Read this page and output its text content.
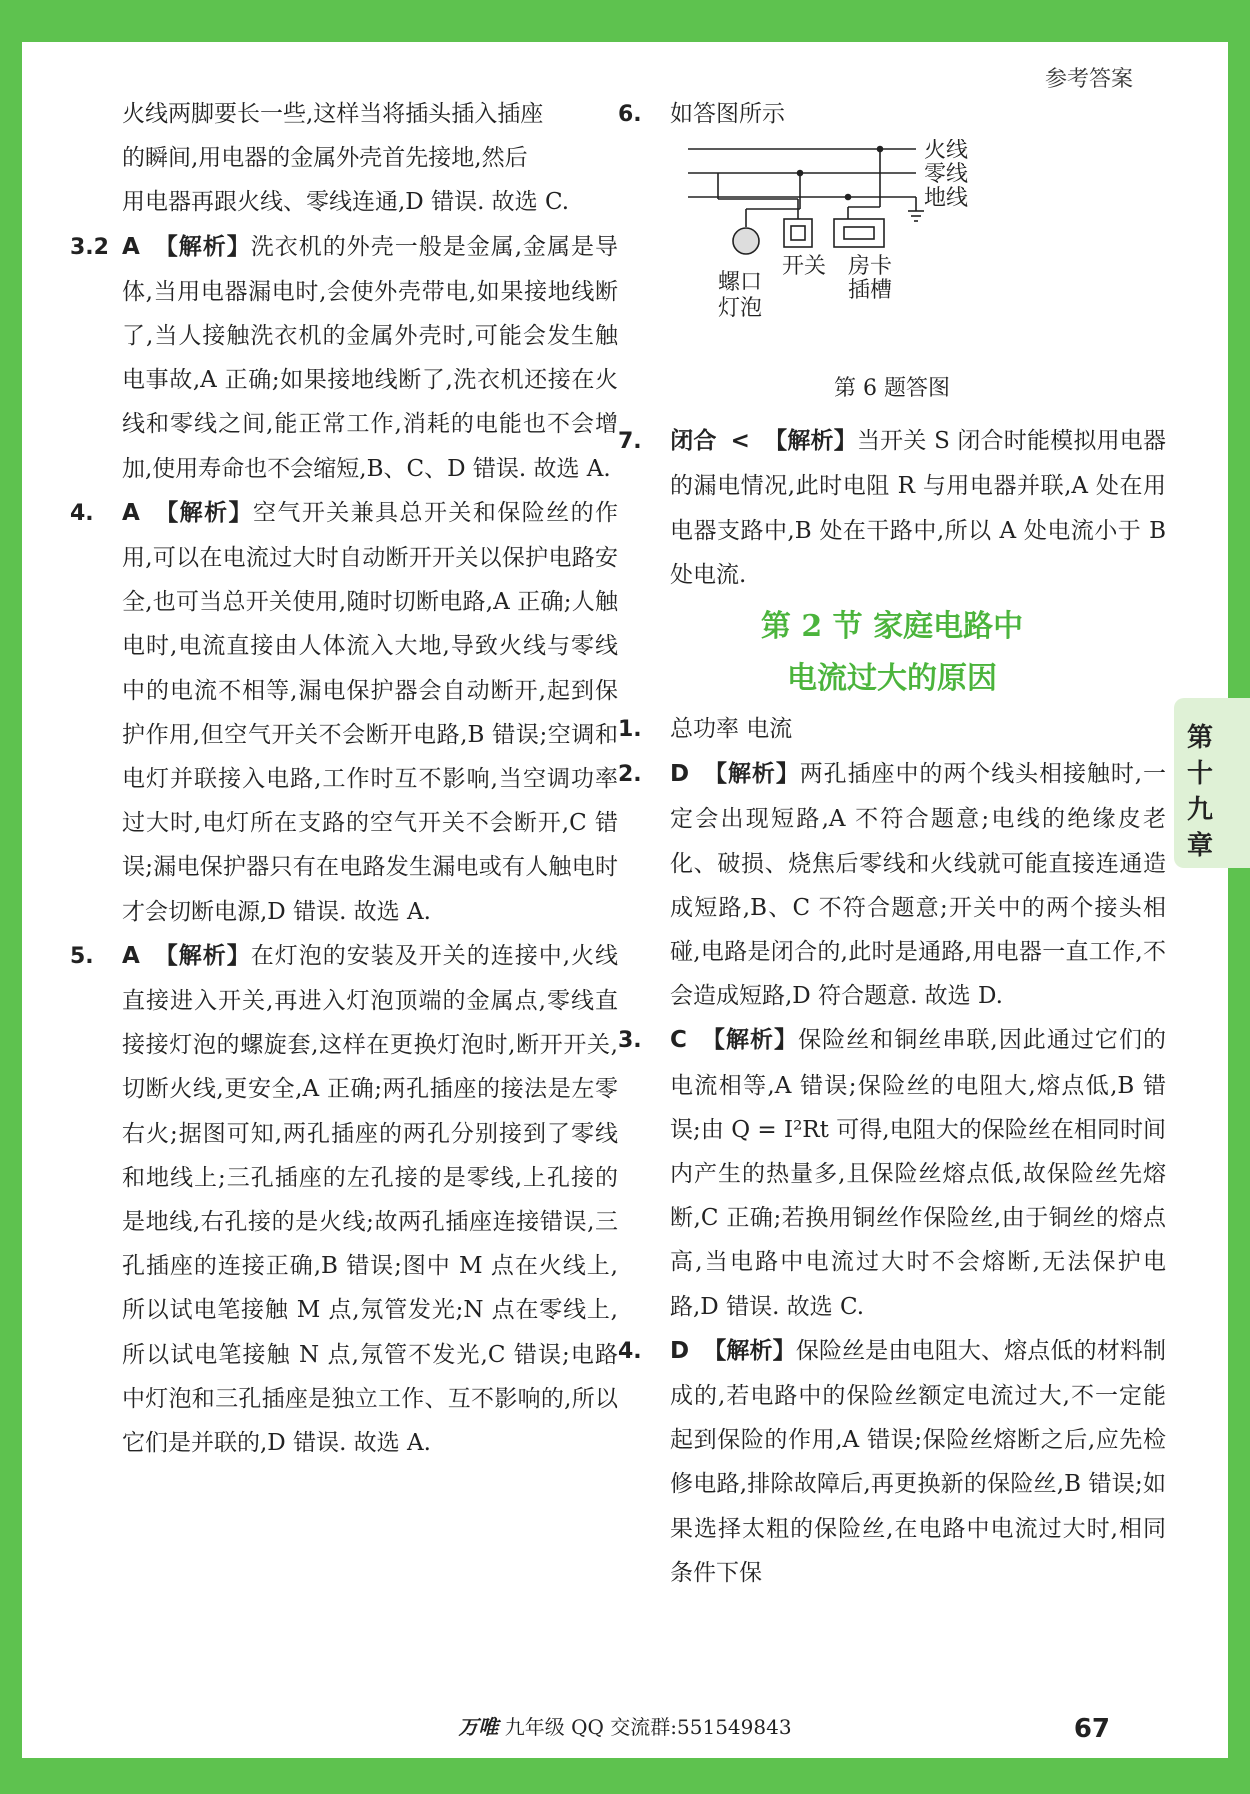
参考答案
火线两脚要长一些,这样当将插头插入插座
的瞬间,用电器的金属外壳首先接地,然后
用电器再跟火线、零线连通,D 错误. 故选 C.
3.2 A 【解析】洗衣机的外壳一般是金属,金属是导体,当用电器漏电时,会使外壳带电,如果接地线断了,当人接触洗衣机的金属外壳时,可能会发生触电事故,A 正确;如果接地线断了,洗衣机还接在火线和零线之间,能正常工作,消耗的电能也不会增加,使用寿命也不会缩短,B、C、D 错误. 故选 A.
4. A 【解析】空气开关兼具总开关和保险丝的作用,可以在电流过大时自动断开开关以保护电路安全,也可当总开关使用,随时切断电路,A 正确;人触电时,电流直接由人体流入大地,导致火线与零线中的电流不相等,漏电保护器会自动断开,起到保护作用,但空气开关不会断开电路,B 错误;空调和电灯并联接入电路,工作时互不影响,当空调功率过大时,电灯所在支路的空气开关不会断开,C 错误;漏电保护器只有在电路发生漏电或有人触电时才会切断电源,D 错误. 故选 A.
5. A 【解析】在灯泡的安装及开关的连接中,火线直接进入开关,再进入灯泡顶端的金属点,零线直接接灯泡的螺旋套,这样在更换灯泡时,断开开关,切断火线,更安全,A 正确;两孔插座的接法是左零右火;据图可知,两孔插座的两孔分别接到了零线和地线上;三孔插座的左孔接的是零线,上孔接的是地线,右孔接的是火线;故两孔插座连接错误,三孔插座的连接正确,B 错误;图中 M 点在火线上,所以试电笔接触 M 点,氖管发光;N 点在零线上,所以试电笔接触 N 点,氖管不发光,C 错误;电路中灯泡和三孔插座是独立工作、互不影响的,所以它们是并联的,D 错误. 故选 A.
6. 如答图所示
火线
零线
地线
螺口
灯泡
开关 房卡
插槽
第 6 题答图
7. 闭合 < 【解析】当开关 S 闭合时能模拟用电器的漏电情况,此时电阻 R 与用电器并联,A 处在用电器支路中,B 处在干路中,所以 A 处电流小于 B 处电流.
第 2 节 家庭电路中
电流过大的原因
1. 总功率 电流
2. D 【解析】两孔插座中的两个线头相接触时,一定会出现短路,A 不符合题意;电线的绝缘皮老化、破损、烧焦后零线和火线就可能直接连通造成短路,B、C 不符合题意;开关中的两个接头相碰,电路是闭合的,此时是通路,用电器一直工作,不会造成短路,D 符合题意. 故选 D.
3. C 【解析】保险丝和铜丝串联,因此通过它们的电流相等,A 错误;保险丝的电阻大,熔点低,B 错误;由 Q = I²Rt 可得,电阻大的保险丝在相同时间内产生的热量多,且保险丝熔点低,故保险丝先熔断,C 正确;若换用铜丝作保险丝,由于铜丝的熔点高,当电路中电流过大时不会熔断,无法保护电路,D 错误. 故选 C.
4. D 【解析】保险丝是由电阻大、熔点低的材料制成的,若电路中的保险丝额定电流过大,不一定能起到保险的作用,A 错误;保险丝熔断之后,应先检修电路,排除故障后,再更换新的保险丝,B 错误;如果选择太粗的保险丝,在电路中电流过大时,相同条件下保
第十九章
万唯 九年级 QQ 交流群:551549843	67
